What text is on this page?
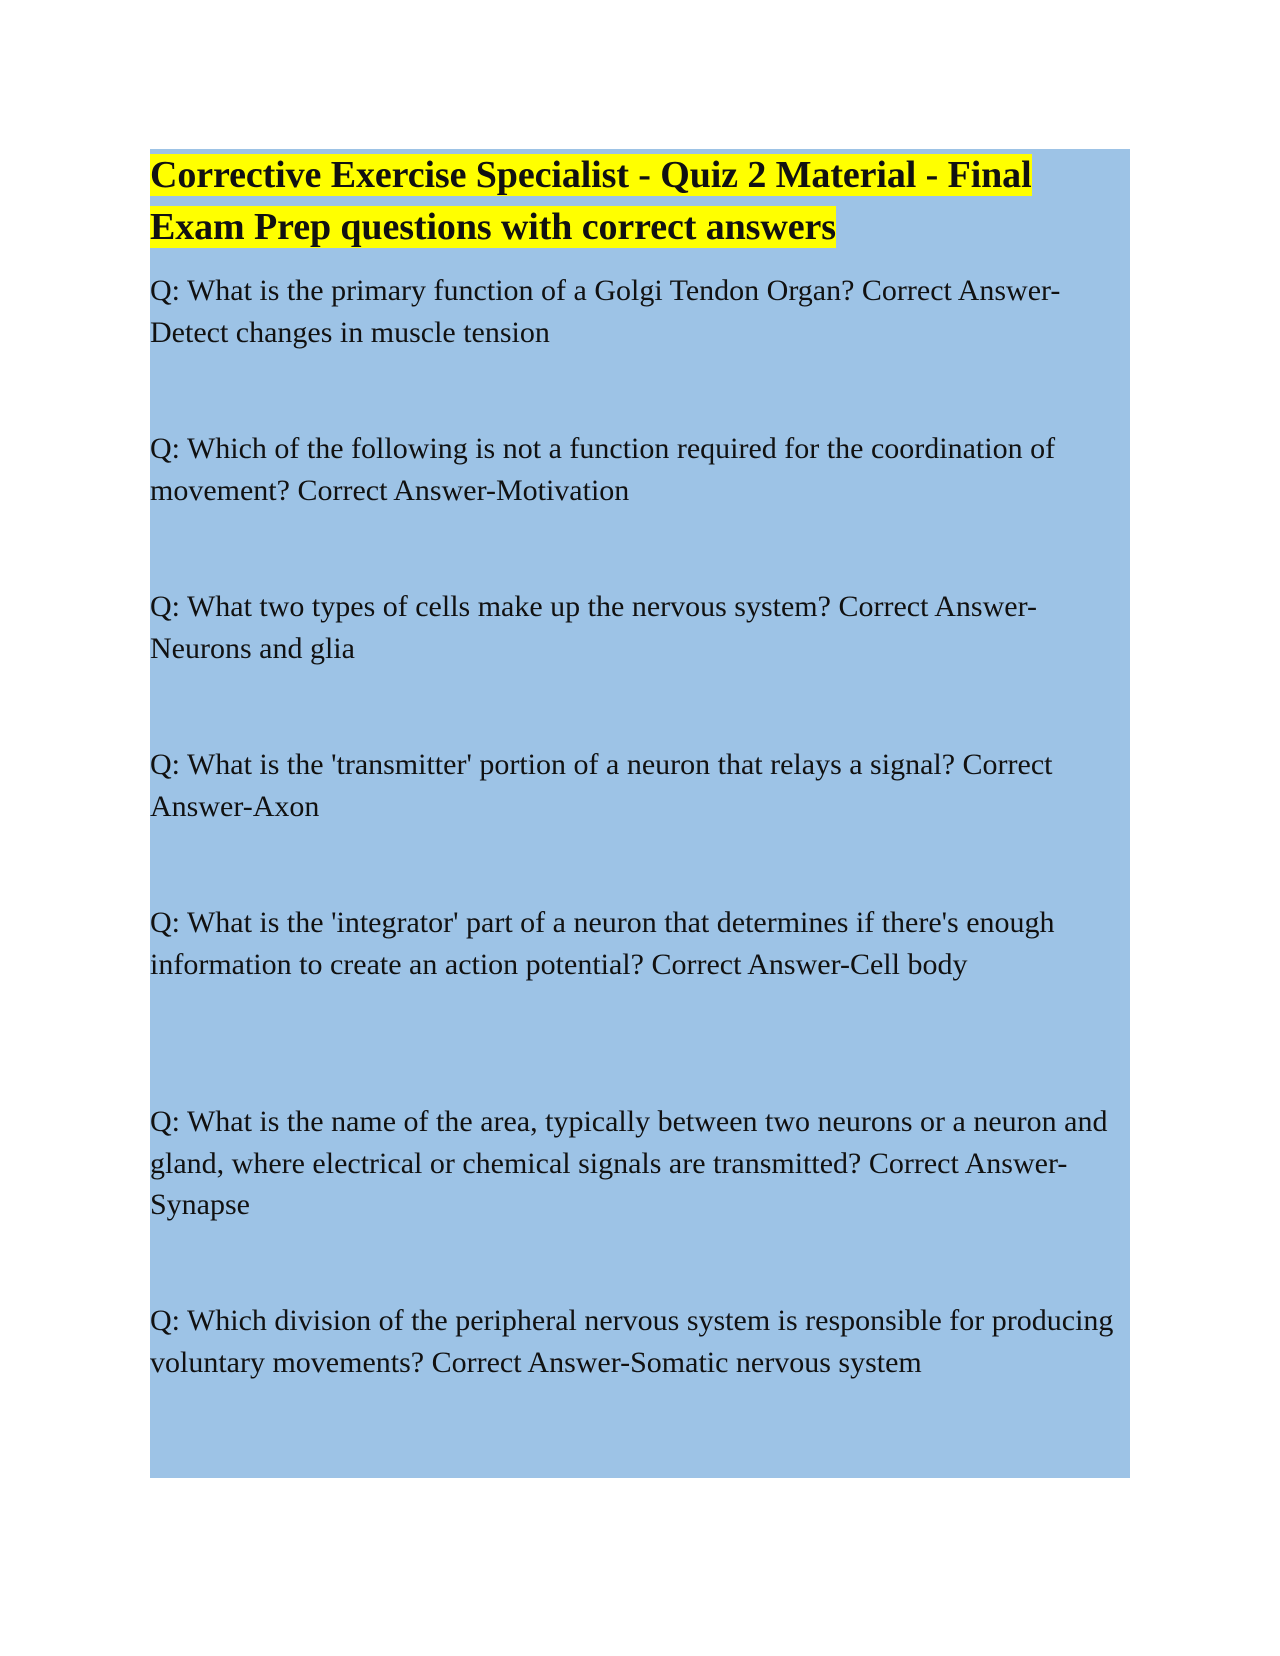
Corrective Exercise Specialist - Quiz 2 Material - Final Exam Prep questions with correct answers

Q: What is the primary function of a Golgi Tendon Organ? Correct Answer-Detect changes in muscle tension

Q: Which of the following is not a function required for the coordination of movement? Correct Answer-Motivation

Q: What two types of cells make up the nervous system? Correct Answer-Neurons and glia

Q: What is the 'transmitter' portion of a neuron that relays a signal? Correct Answer-Axon

Q: What is the 'integrator' part of a neuron that determines if there's enough information to create an action potential? Correct Answer-Cell body

Q: What is the name of the area, typically between two neurons or a neuron and gland, where electrical or chemical signals are transmitted? Correct Answer-Synapse

Q: Which division of the peripheral nervous system is responsible for producing voluntary movements? Correct Answer-Somatic nervous system
